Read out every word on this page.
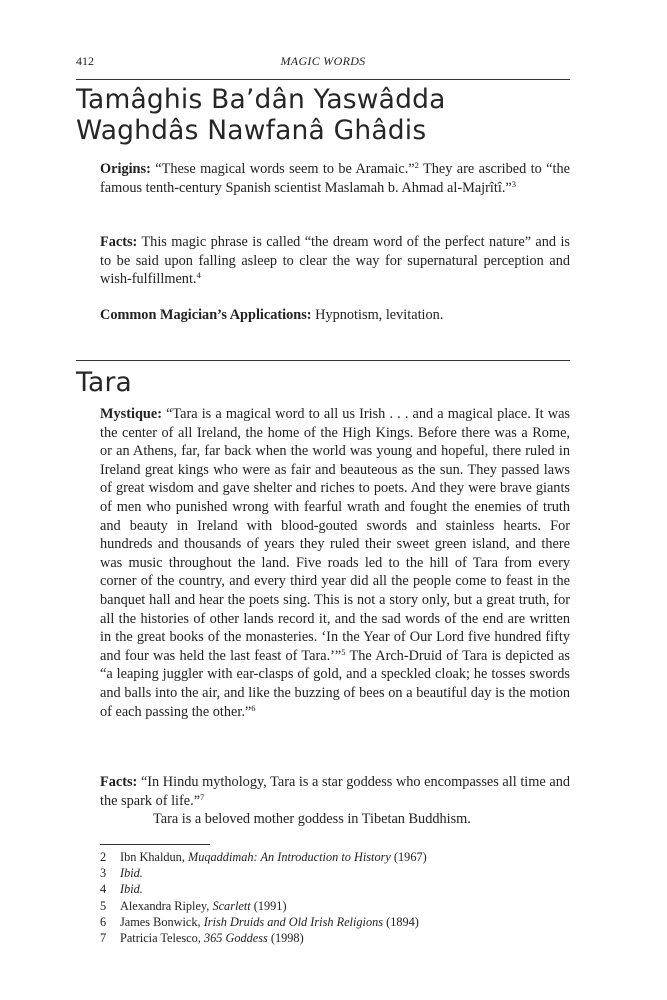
412	MAGIC WORDS
Tamâghis Ba’dân Yaswâdda
Waghdâs Nawfanâ Ghâdis

Origins: “These magical words seem to be Aramaic.”$^2$ They are ascribed to “the famous tenth-century Spanish scientist Maslamah b. Ahmad al-Majrîtî.”$^3$

Facts: This magic phrase is called “the dream word of the perfect nature” and is to be said upon falling asleep to clear the way for supernatural perception and wish-fulfillment.$^4$

Common Magician’s Applications: Hypnotism, levitation.

Tara

Mystique: “Tara is a magical word to all us Irish . . . and a magical place. It was the center of all Ireland, the home of the High Kings. Before there was a Rome, or an Athens, far, far back when the world was young and hopeful, there ruled in Ireland great kings who were as fair and beauteous as the sun. They passed laws of great wisdom and gave shelter and riches to poets. And they were brave giants of men who punished wrong with fearful wrath and fought the enemies of truth and beauty in Ireland with blood-gouted swords and stainless hearts. For hundreds and thousands of years they ruled their sweet green island, and there was music throughout the land. Five roads led to the hill of Tara from every corner of the country, and every third year did all the people come to feast in the banquet hall and hear the poets sing. This is not a story only, but a great truth, for all the histories of other lands record it, and the sad words of the end are written in the great books of the monasteries. ‘In the Year of Our Lord five hundred fifty and four was held the last feast of Tara.’”$^5$ The Arch-Druid of Tara is depicted as “a leaping juggler with ear-clasps of gold, and a speckled cloak; he tosses swords and balls into the air, and like the buzzing of bees on a beautiful day is the motion of each passing the other.”$^6$

Facts: “In Hindu mythology, Tara is a star goddess who encompasses all time and the spark of life.”$^7$
Tara is a beloved mother goddess in Tibetan Buddhism.

2 Ibn Khaldun, Muqaddimah: An Introduction to History (1967)
3 Ibid.
4 Ibid.
5 Alexandra Ripley, Scarlett (1991)
6 James Bonwick, Irish Druids and Old Irish Religions (1894)
7 Patricia Telesco, 365 Goddess (1998)
